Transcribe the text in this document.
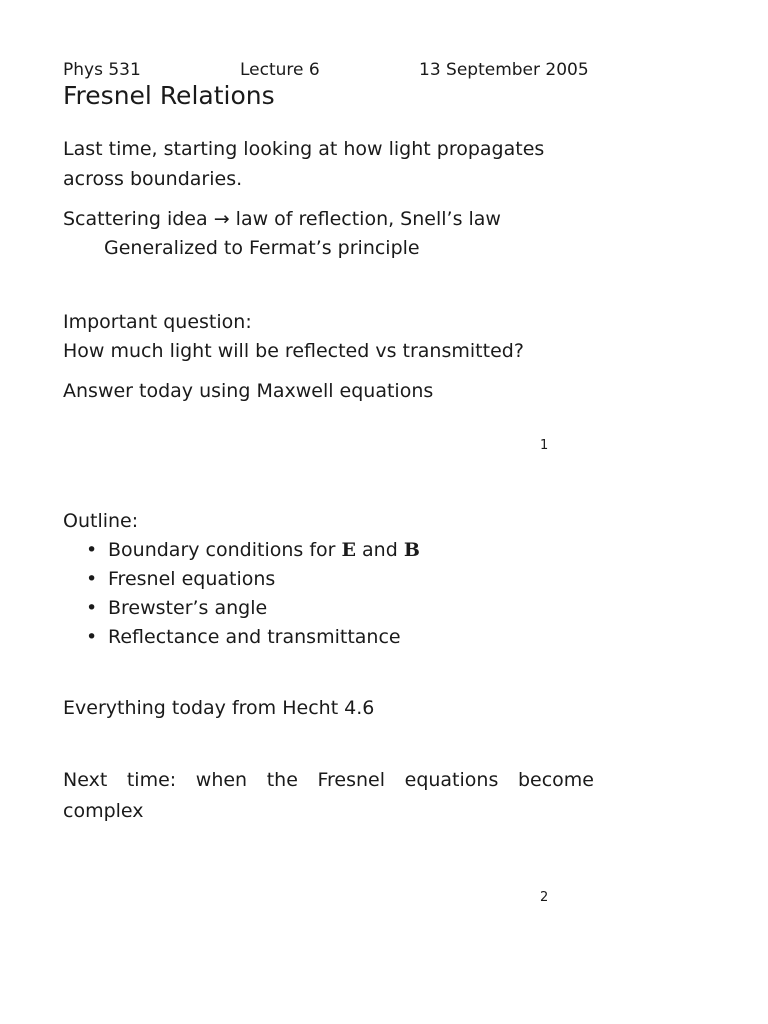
Phys 531	Lecture 6	13 September 2005
Fresnel Relations
Last time, starting looking at how light propagates
across boundaries.
Scattering idea → law of reflection, Snell’s law
Generalized to Fermat’s principle
Important question:
How much light will be reflected vs transmitted?
Answer today using Maxwell equations
1
Outline:
• Boundary conditions for E and B
• Fresnel equations
• Brewster’s angle
• Reflectance and transmittance
Everything today from Hecht 4.6
Next time: when the Fresnel equations become
complex
2
